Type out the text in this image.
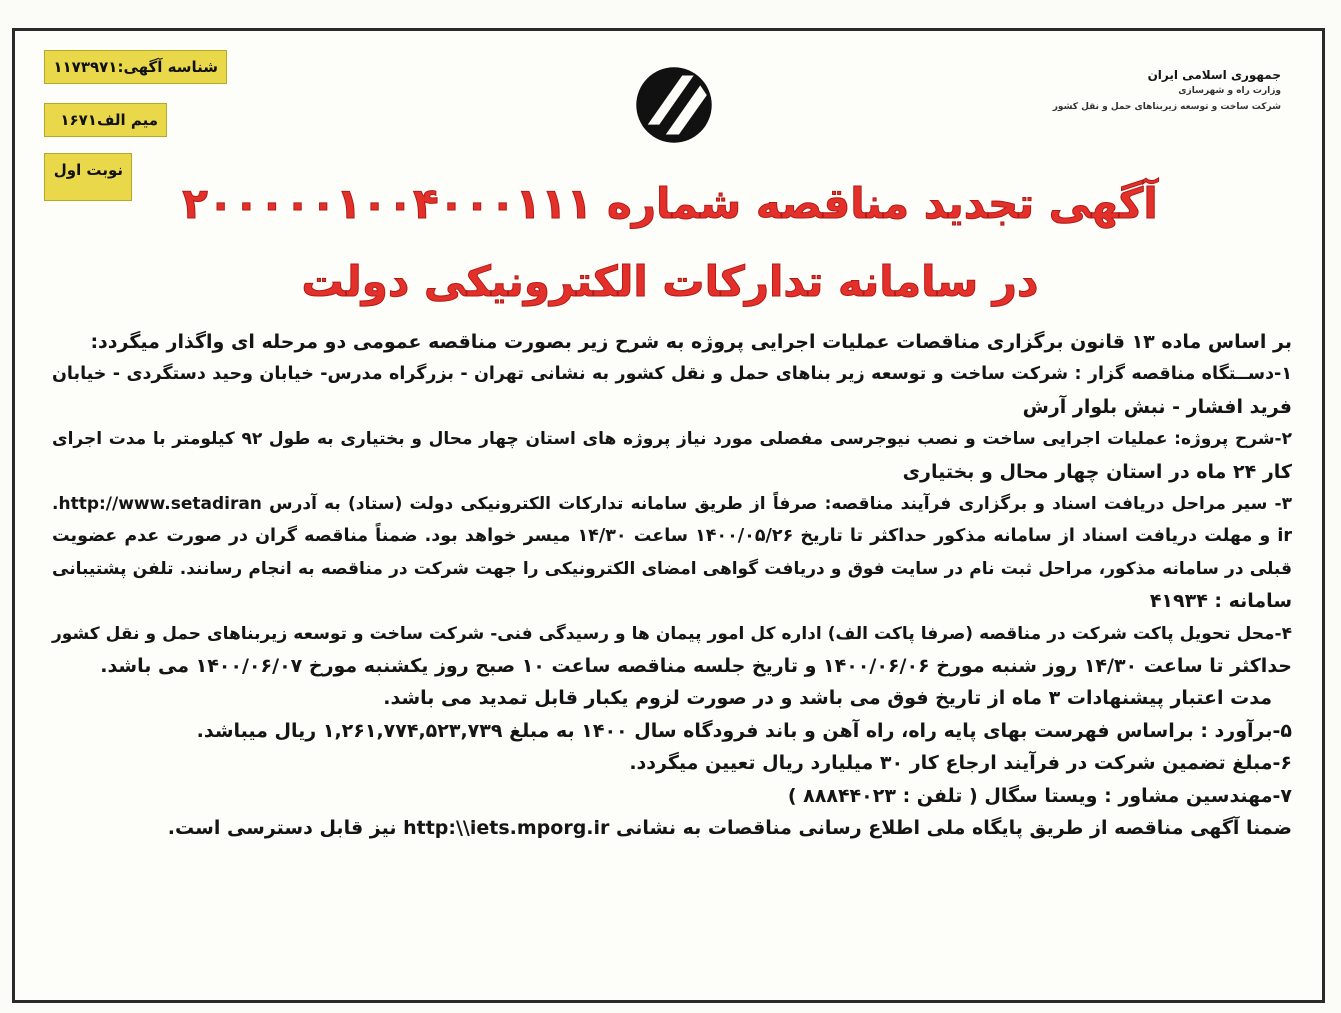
شناسه آگهی:۱۱۷۳۹۷۱
میم الف۱۶۷۱
نوبت اول
جمهوری اسلامی ایران
وزارت راه و شهرسازی
شرکت ساخت و توسعه زیربناهای حمل و نقل کشور
آگهی تجدید مناقصه شماره ۲۰۰۰۰۰۱۰۰۴۰۰۰۱۱۱
در سامانه تدارکات الکترونیکی دولت
بر اساس ماده ۱۳ قانون برگزاری مناقصات عملیات اجرایی پروژه به شرح زیر بصورت مناقصه عمومی دو مرحله ای واگذار میگردد:
۱-دســتگاه مناقصه گزار : شرکت ساخت و توسعه زیر بناهای حمل و نقل کشور به نشانی تهران - بزرگراه مدرس- خیابان وحید دستگردی - خیابان
فرید افشار - نبش بلوار آرش
۲-شرح پروژه: عملیات اجرایی ساخت و نصب نیوجرسی مفصلی مورد نیاز پروژه های استان چهار محال و بختیاری به طول ۹۲ کیلومتر با مدت اجرای
کار ۲۴ ماه در استان چهار محال و بختیاری
۳- سیر مراحل دریافت اسناد و برگزاری فرآیند مناقصه: صرفاً از طریق سامانه تدارکات الکترونیکی دولت (ستاد) به آدرس http://www.setadiran.
ir و مهلت دریافت اسناد از سامانه مذکور حداکثر تا تاریخ ۱۴۰۰/۰۵/۲۶ ساعت ۱۴/۳۰ میسر خواهد بود. ضمناً مناقصه گران در صورت عدم عضویت
قبلی در سامانه مذکور، مراحل ثبت نام در سایت فوق و دریافت گواهی امضای الکترونیکی را جهت شرکت در مناقصه به انجام رسانند. تلفن پشتیبانی
سامانه : ۴۱۹۳۴
۴-محل تحویل پاکت شرکت در مناقصه (صرفا پاکت الف) اداره کل امور پیمان ها و رسیدگی فنی- شرکت ساخت و توسعه زیربناهای حمل و نقل کشور
حداکثر تا ساعت ۱۴/۳۰ روز شنبه مورخ ۱۴۰۰/۰۶/۰۶ و تاریخ جلسه مناقصه ساعت ۱۰ صبح روز یکشنبه مورخ ۱۴۰۰/۰۶/۰۷ می باشد.
مدت اعتبار پیشنهادات ۳ ماه از تاریخ فوق می باشد و در صورت لزوم یکبار قابل تمدید می باشد.
۵-برآورد : براساس فهرست بهای پایه راه، راه آهن و باند فرودگاه سال ۱۴۰۰ به مبلغ ۱,۲۶۱,۷۷۴,۵۲۳,۷۳۹ ریال میباشد.
۶-مبلغ تضمین شرکت در فرآیند ارجاع کار ۳۰ میلیارد ریال تعیین میگردد.
۷-مهندسین مشاور : ویستا سگال ( تلفن : ۸۸۸۴۴۰۲۳ )
ضمنا آگهی مناقصه از طریق پایگاه ملی اطلاع رسانی مناقصات به نشانی http:\\iets.mporg.ir نیز قابل دسترسی است.
